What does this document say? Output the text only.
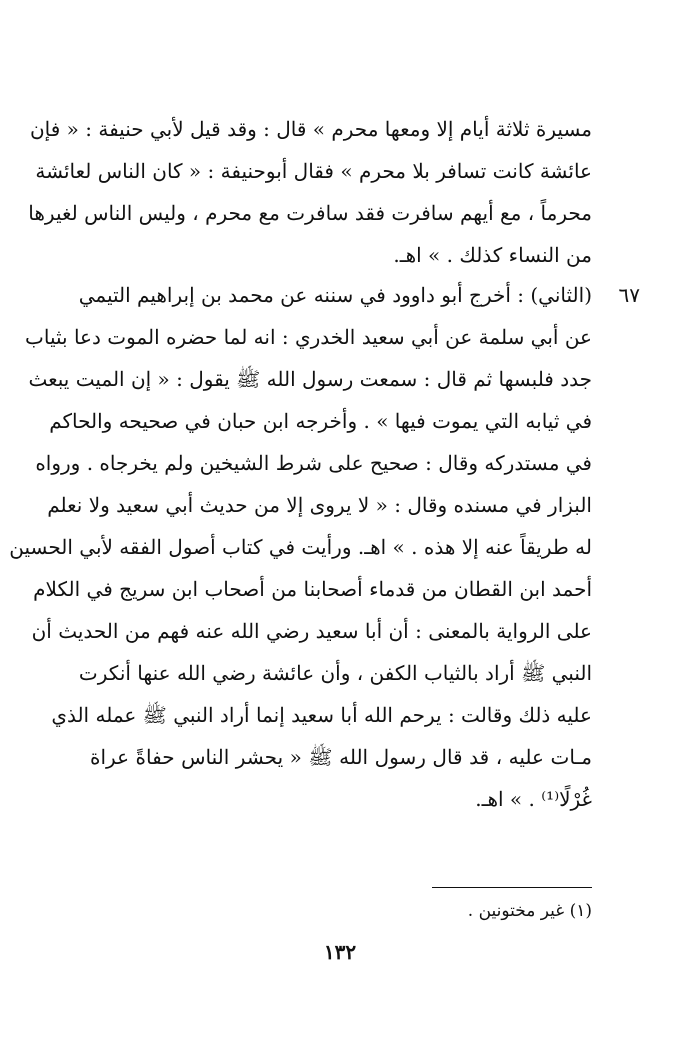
مسيرة ثلاثة أيام إلا ومعها محرم » قال : وقد قيل لأبي حنيفة : « فإن
عائشة كانت تسافر بلا محرم » فقال أبوحنيفة : « كان الناس لعائشة
محرماً ، مع أيهم سافرت فقد سافرت مع محرم ، وليس الناس لغيرها
من النساء كذلك . » اهـ.
٦٧
(الثاني) : أخرج أبو داوود في سننه عن محمد بن إبراهيم التيمي
عن أبي سلمة عن أبي سعيد الخدري : انه لما حضره الموت دعا بثياب
جدد فلبسها ثم قال : سمعت رسول الله ﷺ يقول : « إن الميت يبعث
في ثيابه التي يموت فيها » . وأخرجه ابن حبان في صحيحه والحاكم
في مستدركه وقال : صحيح على شرط الشيخين ولم يخرجاه . ورواه
البزار في مسنده وقال : « لا يروى إلا من حديث أبي سعيد ولا نعلم
له طريقاً عنه إلا هذه . » اهـ. ورأيت في كتاب أصول الفقه لأبي الحسين
أحمد ابن القطان من قدماء أصحابنا من أصحاب ابن سريج في الكلام
على الرواية بالمعنى : أن أبا سعيد رضي الله عنه فهم من الحديث أن
النبي ﷺ أراد بالثياب الكفن ، وأن عائشة رضي الله عنها أنكرت
عليه ذلك وقالت : يرحم الله أبا سعيد إنما أراد النبي ﷺ عمله الذي
مـات عليه ، قد قال رسول الله ﷺ « يحشر الناس حفاةً عراة
غُرْلًا⁽¹⁾ . » اهـ.
(١) غير مختونين .
١٣٢
